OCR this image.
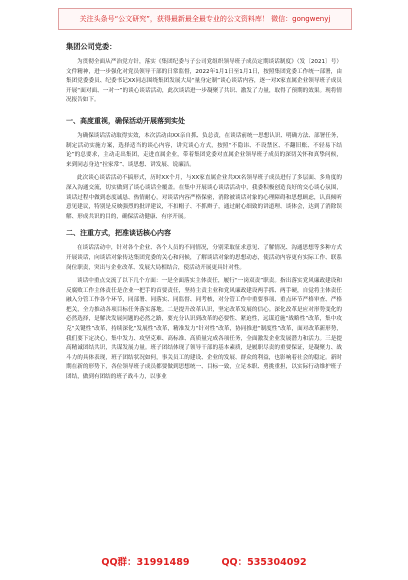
关注头条号“公文研究”，获得最新最全最专业的公文资料库！ 微信：gongwenyj
集团公司党委：

为贯彻全面从严治党方针，落实《集团纪委与子公司党组织领导班子成员定期谈话制度》（发〔2021〕号）文件精神，进一步强化对党员领导干部的日常监督，2022年1月1日至1月1日，按照集团党委工作统一部署，由集团党委委员、纪委书记XX同志围绕集团发展大局“量身定制”谈心谈话内容，逐一对X家直属企业领导班子成员开展“面对面、一对一”的谈心谈话活动，此次谈话进一步凝聚了共识、激发了力量，取得了预期的效果。现将情况报告如下。

一、高度重视，确保活动开展落到实处

为确保谈话活动取得实效，本次活动由XX亲自抓、负总责，在谈话前统一思想认识、明确方法、部署任务，制定活动实施方案，选择适当的谈心内容，讲究谈心方式，按照“不隐讳、不设禁区、不翻旧账、不轻易下结论”的总要求，主动走出集团，走进直属企业，带着集团党委对直属企业领导班子成员的深切关怀和真挚问候，来到同志身边“拉家常”、谈思想、讲发展、说廉洁。

此次谈心谈话活动不搞形式，历时XX个月，与XX家直属企业共XX名领导班子成员进行了多层面、多角度的深入沟通交流，切实做到了谈心谈话全覆盖。在集中开展谈心谈话活动中，我委积极创造良好的交心谈心氛围，谈话过程中做到态度诚恳、热情耐心，对谈话内容严格保密，消除被谈话对象的心理障碍和思想顾虑，认真倾听意见建议，特别是反映强烈的批评建议，不扣帽子、不抓辫子，通过耐心细致的讲道理、谈体会，达到了消除误解、形成共识的目的，确保活动健康、有序开展。

二、注重方式，把准谈话核心内容

在谈话活动中，针对各个企业、各个人员的不同情况，分别采取征求意见、了解情况、沟通思想等多种方式开展谈话，向谈话对象传达集团党委的关心和问候，了解谈话对象的思想动态，使活动内容更有实际工作、联系岗位职责，突出与企业改革、发展大局相结合，使活动开展更具针对性。

谈话中重点交流了以下几个方面：一是全面落实主体责任，履行“一岗双责”职责。指出落实党风廉政建设和反腐败工作主体责任是企业一把手的首要责任，坚持主责主业和党风廉政建设两手抓、两手硬，自觉将主体责任融入分管工作各个环节，同部署、同落实、同监督、同考核，对分管工作中重要事项、重点环节严格审查、严格把关，全力推动各项目标任务落实落地。二是提升改革认识，坚定改革发展的信心。深化改革是应对形势变化的必然选择，是解决发展问题的必然之路，要充分认识到改革的必要性、紧迫性，远谋近施“战略性”改革，集中攻克“关键性”改革，持续深化“发展性”改革，精准发力“针对性”改革，协同推进“制度性”改革，面对改革新形势，我们要下定决心，集中发力、攻坚克难、高标准、高质量完成各项任务，全面激发企业发展潜力和活力。三是提高精诚团结共识，共谋发展力量。班子团结体现了领导干部的基本素质，是履职尽责的重要保证，是凝聚力、战斗力的具体表现，班子团结状况如何，事关员工的建设、企业的发展、群众的利益，也影响着社会的稳定。新时期在新的形势下，各位领导班子成员都要做到思想统一、目标一致，立足本职、勇挑重担，以实际行动维护班子团结，做到有团结的班子战斗力，以事业

QQ群：31991489	QQ：535304092
